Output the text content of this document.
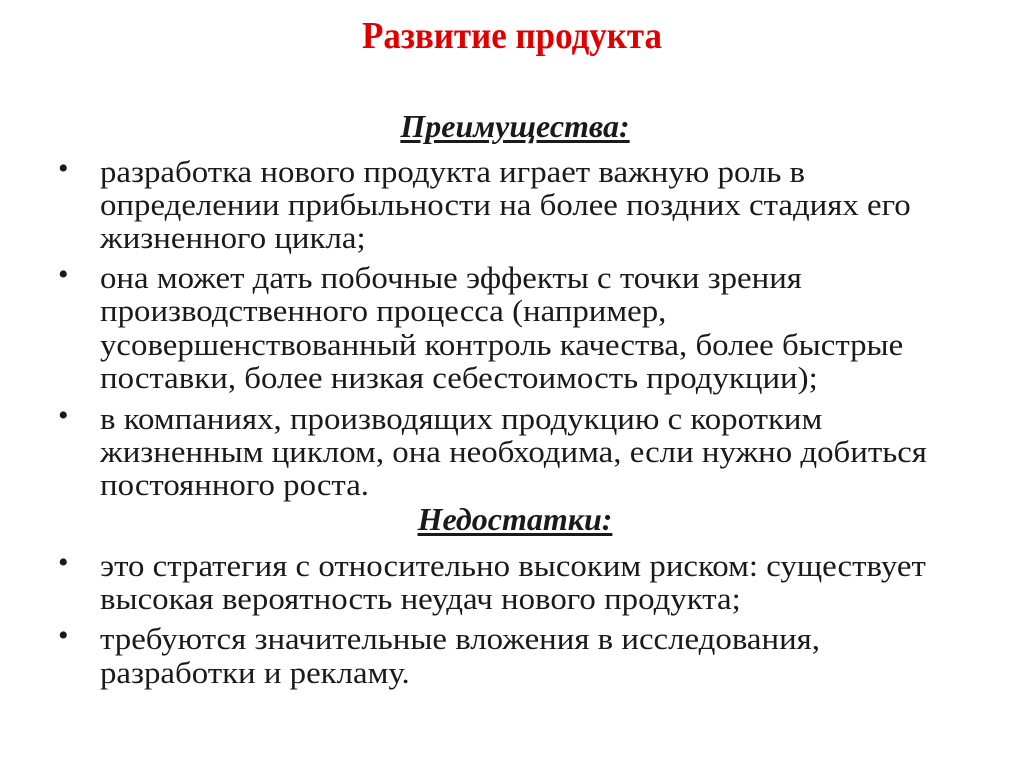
Развитие продукта
Преимущества:
• разработка нового продукта играет важную роль в
определении прибыльности на более поздних стадиях его
жизненного цикла;
• она может дать побочные эффекты с точки зрения
производственного процесса (например,
усовершенствованный контроль качества, более быстрые
поставки, более низкая себестоимость продукции);
• в компаниях, производящих продукцию с коротким
жизненным циклом, она необходима, если нужно добиться
постоянного роста.
Недостатки:
• это стратегия с относительно высоким риском: существует
высокая вероятность неудач нового продукта;
• требуются значительные вложения в исследования,
разработки и рекламу.
